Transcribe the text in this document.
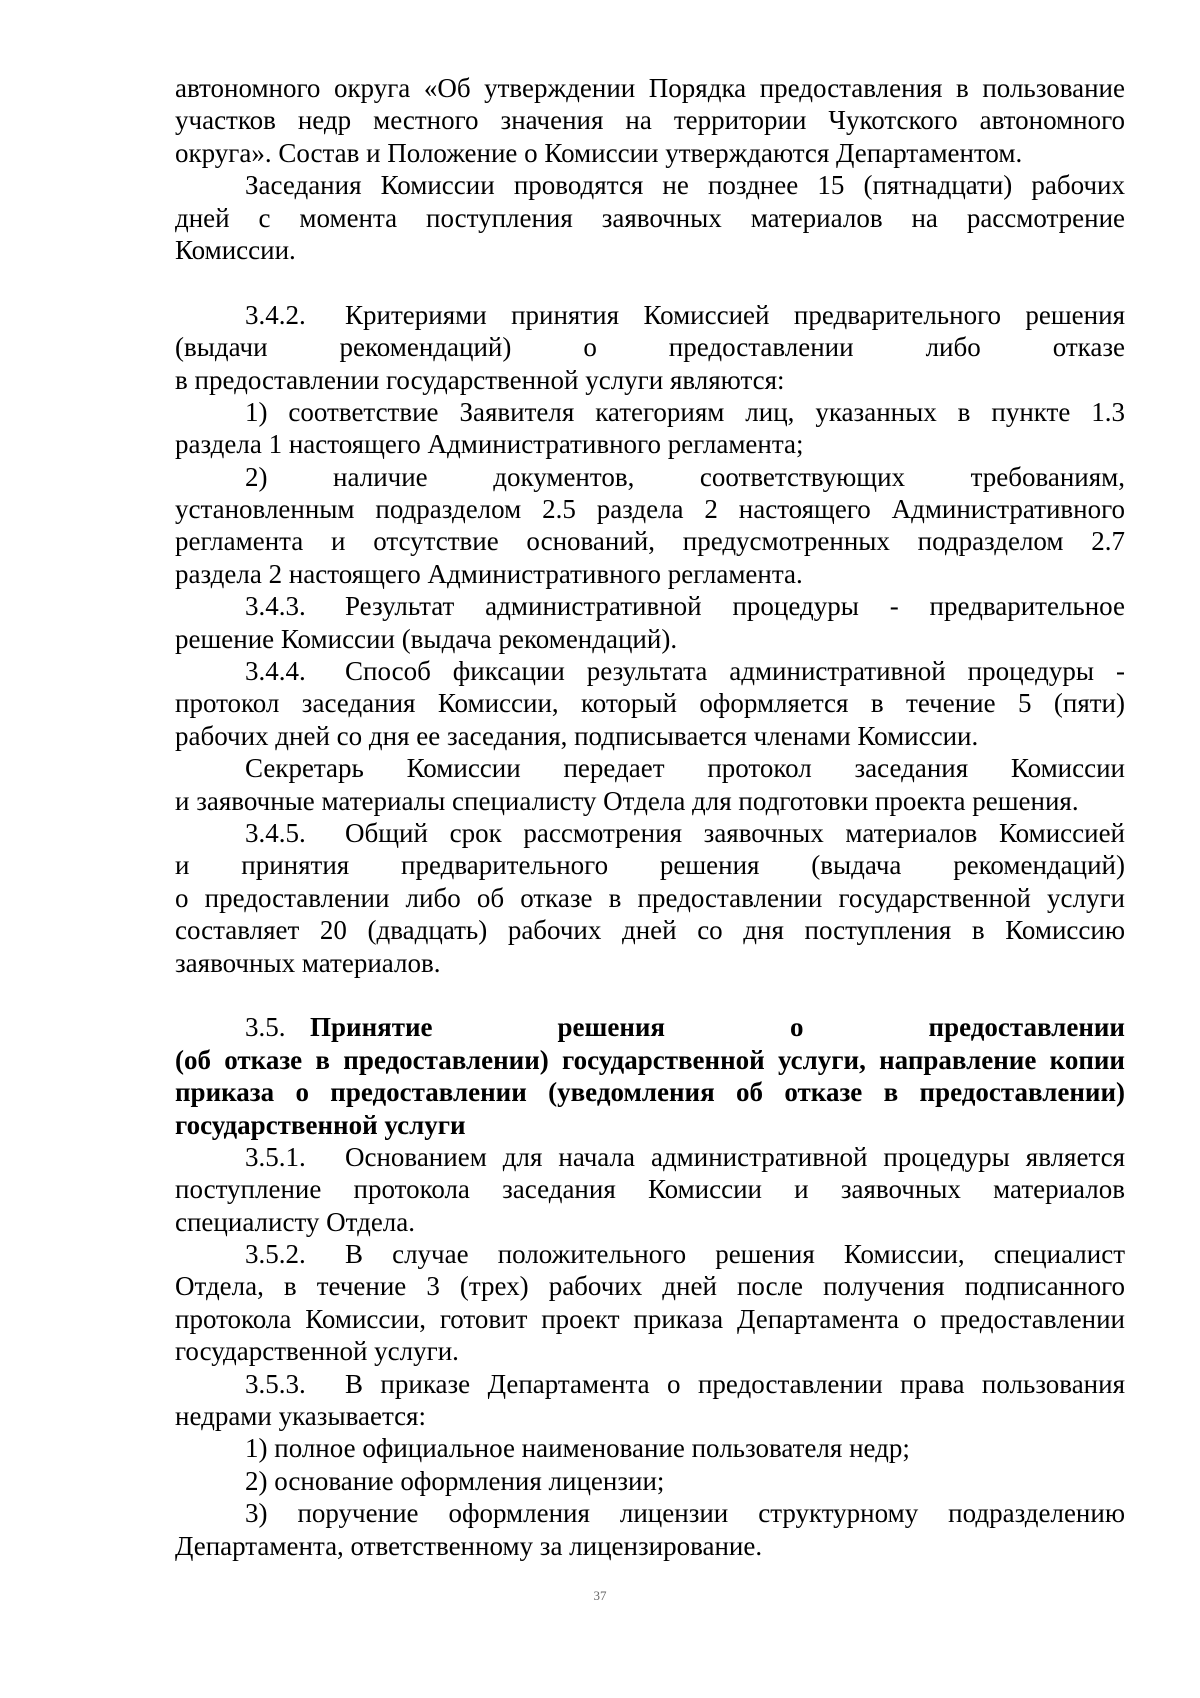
автономного округа «Об утверждении Порядка предоставления в пользование
участков недр местного значения на территории Чукотского автономного
округа». Состав и Положение о Комиссии утверждаются Департаментом.
Заседания Комиссии проводятся не позднее 15 (пятнадцати) рабочих
дней с момента поступления заявочных материалов на рассмотрение
Комиссии.
3.4.2. Критериями принятия Комиссией предварительного решения
(выдачи рекомендаций) о предоставлении либо отказе
в предоставлении государственной услуги являются:
1) соответствие Заявителя категориям лиц, указанных в пункте 1.3
раздела 1 настоящего Административного регламента;
2) наличие документов, соответствующих требованиям,
установленным подразделом 2.5 раздела 2 настоящего Административного
регламента и отсутствие оснований, предусмотренных подразделом 2.7
раздела 2 настоящего Административного регламента.
3.4.3. Результат административной процедуры - предварительное
решение Комиссии (выдача рекомендаций).
3.4.4. Способ фиксации результата административной процедуры -
протокол заседания Комиссии, который оформляется в течение 5 (пяти)
рабочих дней со дня ее заседания, подписывается членами Комиссии.
Секретарь Комиссии передает протокол заседания Комиссии
и заявочные материалы специалисту Отдела для подготовки проекта решения.
3.4.5. Общий срок рассмотрения заявочных материалов Комиссией
и принятия предварительного решения (выдача рекомендаций)
о предоставлении либо об отказе в предоставлении государственной услуги
составляет 20 (двадцать) рабочих дней со дня поступления в Комиссию
заявочных материалов.
3.5. Принятие решения о предоставлении
(об отказе в предоставлении) государственной услуги, направление копии
приказа о предоставлении (уведомления об отказе в предоставлении)
государственной услуги
3.5.1. Основанием для начала административной процедуры является
поступление протокола заседания Комиссии и заявочных материалов
специалисту Отдела.
3.5.2. В случае положительного решения Комиссии, специалист
Отдела, в течение 3 (трех) рабочих дней после получения подписанного
протокола Комиссии, готовит проект приказа Департамента о предоставлении
государственной услуги.
3.5.3. В приказе Департамента о предоставлении права пользования
недрами указывается:
1) полное официальное наименование пользователя недр;
2) основание оформления лицензии;
3) поручение оформления лицензии структурному подразделению
Департамента, ответственному за лицензирование.
37
